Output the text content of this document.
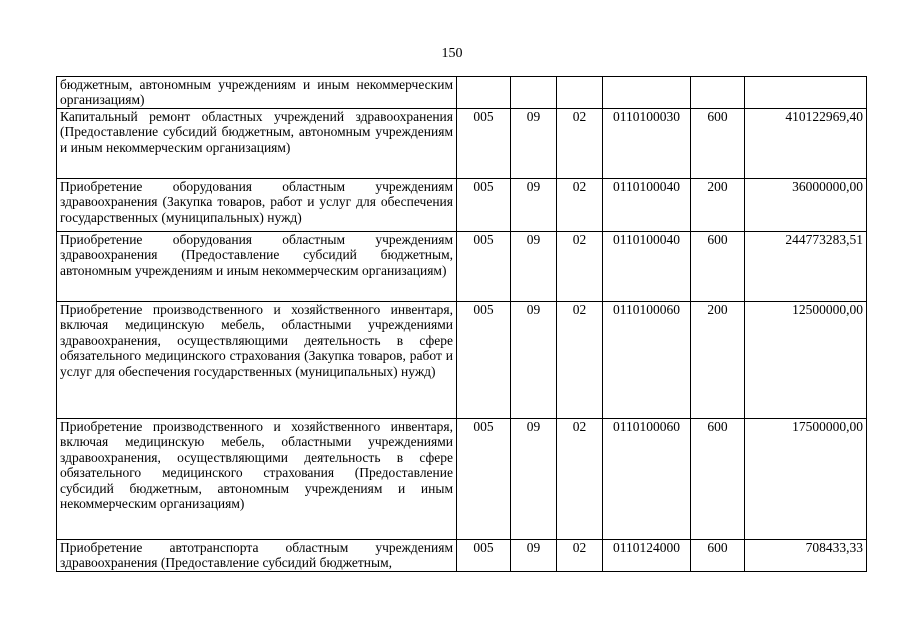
150
бюджетным, автономным учреждениям и иным некоммерческим организациям)						
Капитальный ремонт областных учреждений здравоохранения (Предоставление субсидий бюджетным, автономным учреждениям и иным некоммерческим организациям)	005	09	02	0110100030	600	410122969,40
Приобретение оборудования областным учреждениям здравоохранения (Закупка товаров, работ и услуг для обеспечения государственных (муниципальных) нужд)	005	09	02	0110100040	200	36000000,00
Приобретение оборудования областным учреждениям здравоохранения (Предоставление субсидий бюджетным, автономным учреждениям и иным некоммерческим организациям)	005	09	02	0110100040	600	244773283,51
Приобретение производственного и хозяйственного инвентаря, включая медицинскую мебель, областными учреждениями здравоохранения, осуществляющими деятельность в сфере обязательного медицинского страхования (Закупка товаров, работ и услуг для обеспечения государственных (муниципальных) нужд)	005	09	02	0110100060	200	12500000,00
Приобретение производственного и хозяйственного инвентаря, включая медицинскую мебель, областными учреждениями здравоохранения, осуществляющими деятельность в сфере обязательного медицинского страхования (Предоставление субсидий бюджетным, автономным учреждениям и иным некоммерческим организациям)	005	09	02	0110100060	600	17500000,00
Приобретение автотранспорта областным учреждениям здравоохранения (Предоставление субсидий бюджетным,	005	09	02	0110124000	600	708433,33
